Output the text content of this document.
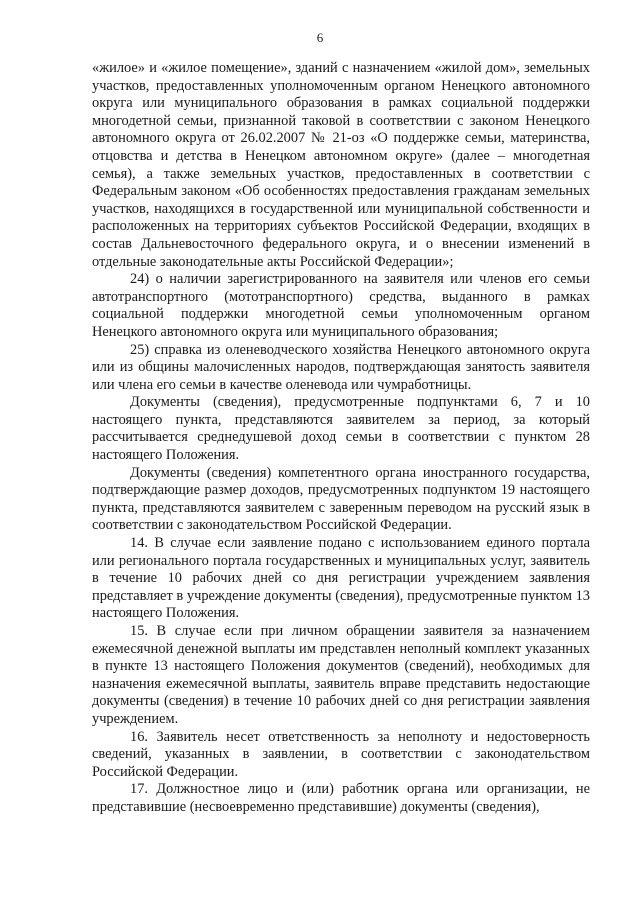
6

«жилое» и «жилое помещение», зданий с назначением «жилой дом», земельных участков, предоставленных уполномоченным органом Ненецкого автономного округа или муниципального образования в рамках социальной поддержки многодетной семьи, признанной таковой в соответствии с законом Ненецкого автономного округа от 26.02.2007 № 21-оз «О поддержке семьи, материнства, отцовства и детства в Ненецком автономном округе» (далее – многодетная семья), а также земельных участков, предоставленных в соответствии с Федеральным законом «Об особенностях предоставления гражданам земельных участков, находящихся в государственной или муниципальной собственности и расположенных на территориях субъектов Российской Федерации, входящих в состав Дальневосточного федерального округа, и о внесении изменений в отдельные законодательные акты Российской Федерации»;

24) о наличии зарегистрированного на заявителя или членов его семьи автотранспортного (мототранспортного) средства, выданного в рамках социальной поддержки многодетной семьи уполномоченным органом Ненецкого автономного округа или муниципального образования;

25) справка из оленеводческого хозяйства Ненецкого автономного округа или из общины малочисленных народов, подтверждающая занятость заявителя или члена его семьи в качестве оленевода или чумработницы.

Документы (сведения), предусмотренные подпунктами 6, 7 и 10 настоящего пункта, представляются заявителем за период, за который рассчитывается среднедушевой доход семьи в соответствии с пунктом 28 настоящего Положения.

Документы (сведения) компетентного органа иностранного государства, подтверждающие размер доходов, предусмотренных подпунктом 19 настоящего пункта, представляются заявителем с заверенным переводом на русский язык в соответствии с законодательством Российской Федерации.

14. В случае если заявление подано с использованием единого портала или регионального портала государственных и муниципальных услуг, заявитель в течение 10 рабочих дней со дня регистрации учреждением заявления представляет в учреждение документы (сведения), предусмотренные пунктом 13 настоящего Положения.

15. В случае если при личном обращении заявителя за назначением ежемесячной денежной выплаты им представлен неполный комплект указанных в пункте 13 настоящего Положения документов (сведений), необходимых для назначения ежемесячной выплаты, заявитель вправе представить недостающие документы (сведения) в течение 10 рабочих дней со дня регистрации заявления учреждением.

16. Заявитель несет ответственность за неполноту и недостоверность сведений, указанных в заявлении, в соответствии с законодательством Российской Федерации.

17. Должностное лицо и (или) работник органа или организации, не представившие (несвоевременно представившие) документы (сведения),
